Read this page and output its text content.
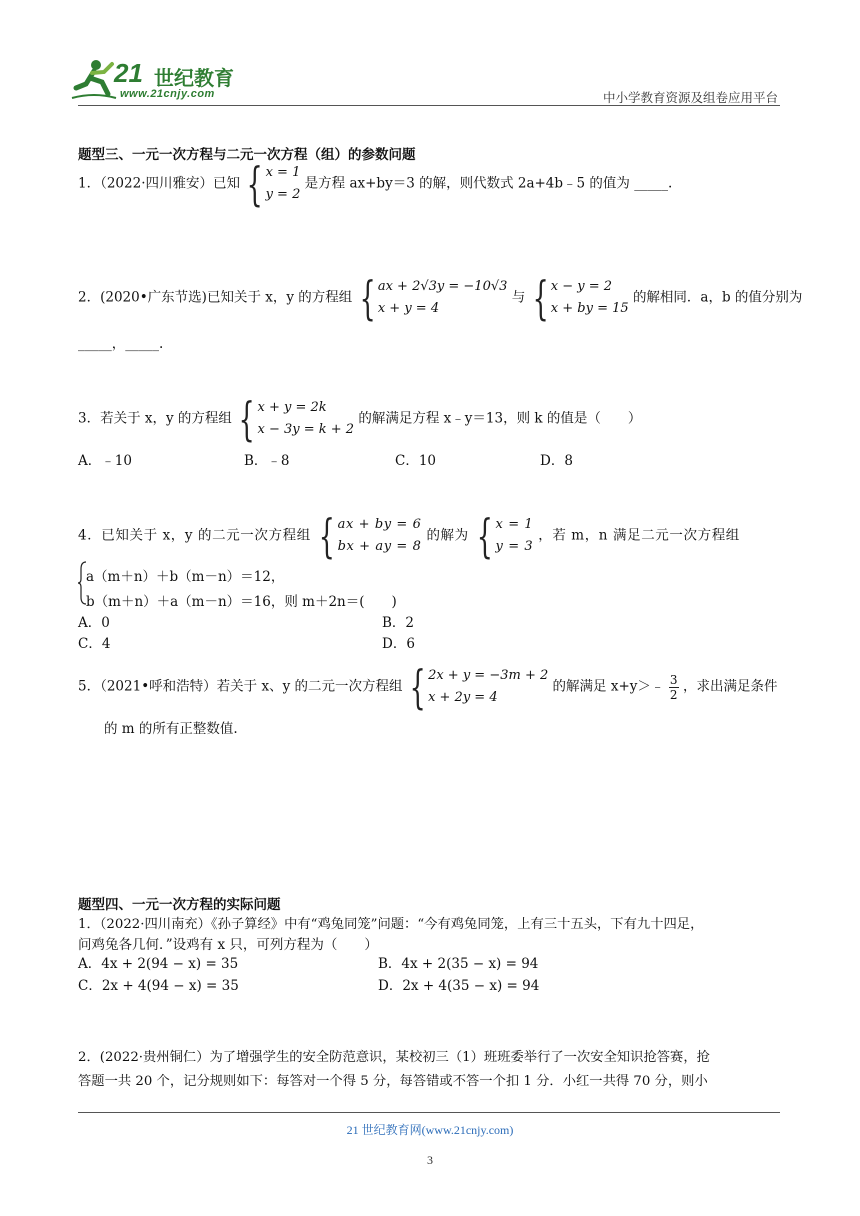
21 世纪教育
www.21cnjy.com	中小学教育资源及组卷应用平台
题型三、一元一次方程与二元一次方程（组）的参数问题
1．（2022·四川雅安）已知 { x = 1
y = 2
是方程 ax+by＝3 的解，则代数式 2a+4b﹣5 的值为 _____.
2．(2020•广东节选)已知关于 x，y 的方程组 { ax + 2√3y = −10√3
x + y = 4
与 { x − y = 2
x + by = 15
的解相同．a，b 的值分别为
_____，_____.
3．若关于 x，y 的方程组 { x + y = 2k
x − 3y = k + 2
的解满足方程 x﹣y＝13，则 k 的值是（　　）
A．﹣10	B．﹣8	C．10	D．8
4．已知关于 x，y 的二元一次方程组 { ax + by = 6
bx + ay = 8
的解为 { x = 1
y = 3
，若 m，n 满足二元一次方程组
a（m＋n）＋b（m－n）＝12，
b（m＋n）＋a（m－n）＝16，则 m＋2n＝(　　)
A．0	B．2
C．4	D．6
5．（2021•呼和浩特）若关于 x、y 的二元一次方程组 { 2x + y = −3m + 2
x + 2y = 4
的解满足 x+y＞﹣ $\frac{3}{2}$ ，求出满足条件
的 m 的所有正整数值.
题型四、一元一次方程的实际问题
1．（2022·四川南充）《孙子算经》中有“鸡兔同笼”问题：“今有鸡兔同笼，上有三十五头，下有九十四足，
问鸡兔各几何．”设鸡有 x 只，可列方程为（　　）
A．4x + 2(94 − x) = 35	B．4x + 2(35 − x) = 94
C．2x + 4(94 − x) = 35	D．2x + 4(35 − x) = 94
2．(2022·贵州铜仁）为了增强学生的安全防范意识，某校初三（1）班班委举行了一次安全知识抢答赛，抢
答题一共 20 个，记分规则如下：每答对一个得 5 分，每答错或不答一个扣 1 分．小红一共得 70 分，则小
21 世纪教育网(www.21cnjy.com)
3
